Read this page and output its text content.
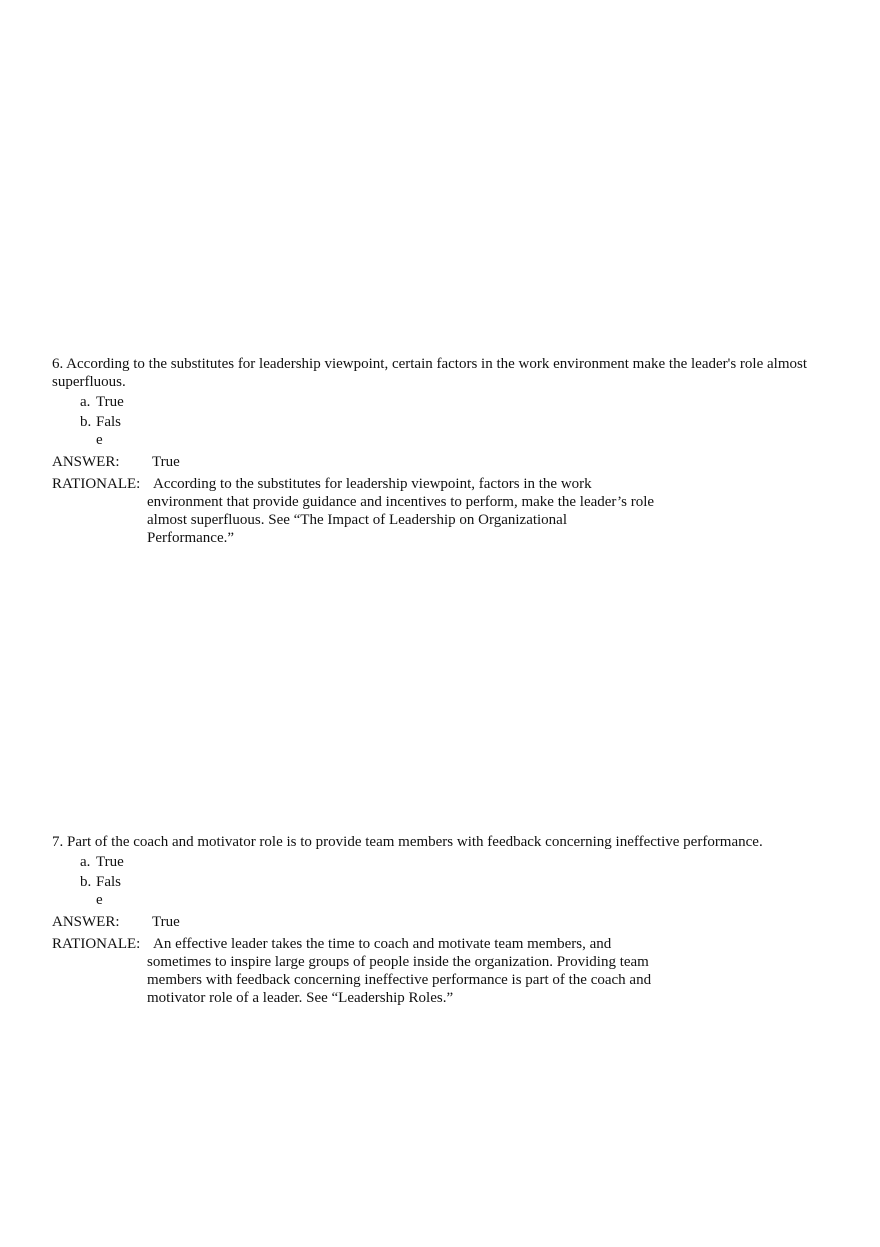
6. According to the substitutes for leadership viewpoint, certain factors in the work environment make the leader's role almost superfluous.

a. True
b. False
ANSWER: True
RATIONALE: According to the substitutes for leadership viewpoint, factors in the work environment that provide guidance and incentives to perform, make the leader’s role almost superfluous. See “The Impact of Leadership on Organizational Performance.”

7. Part of the coach and motivator role is to provide team members with feedback concerning ineffective performance.

a. True
b. False
ANSWER: True
RATIONALE: An effective leader takes the time to coach and motivate team members, and sometimes to inspire large groups of people inside the organization. Providing team members with feedback concerning ineffective performance is part of the coach and motivator role of a leader. See “Leadership Roles.”
